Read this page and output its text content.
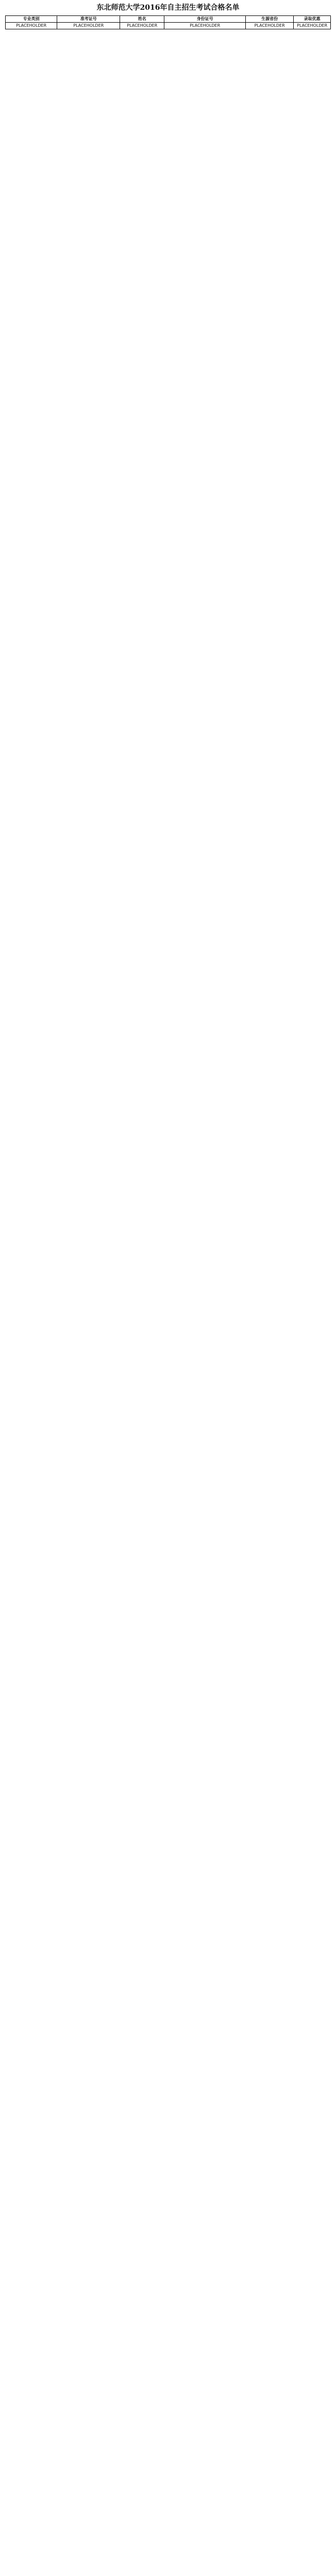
东北师范大学2016年自主招生考试合格名单
专业类别	准考证号	姓名	身份证号	生源省份	录取优惠
PLACEHOLDER	PLACEHOLDER	PLACEHOLDER	PLACEHOLDER	PLACEHOLDER	PLACEHOLDER
